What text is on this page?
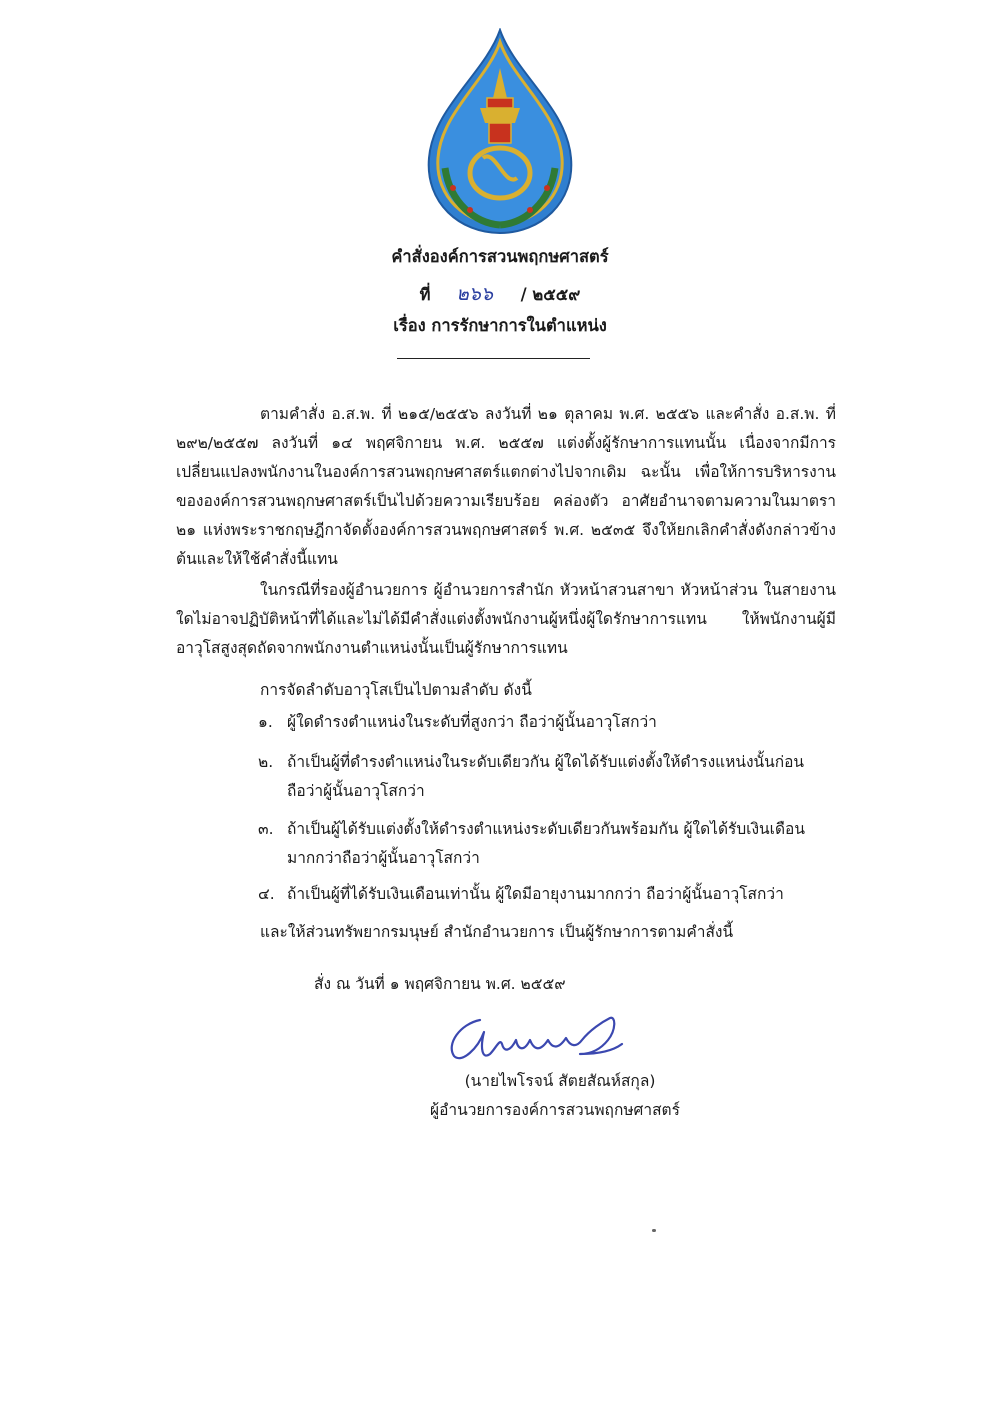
คำสั่งองค์การสวนพฤกษศาสตร์
ที่ ๒๖๖ / ๒๕๕๙
เรื่อง การรักษาการในตำแหน่ง

ตามคำสั่ง อ.ส.พ. ที่ ๒๑๕/๒๕๕๖ ลงวันที่ ๒๑ ตุลาคม พ.ศ. ๒๕๕๖ และคำสั่ง อ.ส.พ. ที่ ๒๙๒/๒๕๕๗ ลงวันที่ ๑๔ พฤศจิกายน พ.ศ. ๒๕๕๗ แต่งตั้งผู้รักษาการแทนนั้น เนื่องจากมีการเปลี่ยนแปลงพนักงานในองค์การสวนพฤกษศาสตร์แตกต่างไปจากเดิม ฉะนั้น เพื่อให้การบริหารงานขององค์การสวนพฤกษศาสตร์เป็นไปด้วยความเรียบร้อย คล่องตัว อาศัยอำนาจตามความในมาตรา ๒๑ แห่งพระราชกฤษฎีกาจัดตั้งองค์การสวนพฤกษศาสตร์ พ.ศ. ๒๕๓๕ จึงให้ยกเลิกคำสั่งดังกล่าวข้างต้นและให้ใช้คำสั่งนี้แทน

ในกรณีที่รองผู้อำนวยการ ผู้อำนวยการสำนัก หัวหน้าสวนสาขา หัวหน้าส่วน ในสายงานใดไม่อาจปฏิบัติหน้าที่ได้และไม่ได้มีคำสั่งแต่งตั้งพนักงานผู้หนึ่งผู้ใดรักษาการแทน ให้พนักงานผู้มีอาวุโสสูงสุดถัดจากพนักงานตำแหน่งนั้นเป็นผู้รักษาการแทน

การจัดลำดับอาวุโสเป็นไปตามลำดับ ดังนี้
๑. ผู้ใดดำรงตำแหน่งในระดับที่สูงกว่า ถือว่าผู้นั้นอาวุโสกว่า
๒. ถ้าเป็นผู้ที่ดำรงตำแหน่งในระดับเดียวกัน ผู้ใดได้รับแต่งตั้งให้ดำรงแหน่งนั้นก่อน ถือว่าผู้นั้นอาวุโสกว่า
๓. ถ้าเป็นผู้ได้รับแต่งตั้งให้ดำรงตำแหน่งระดับเดียวกันพร้อมกัน ผู้ใดได้รับเงินเดือนมากกว่าถือว่าผู้นั้นอาวุโสกว่า
๔. ถ้าเป็นผู้ที่ได้รับเงินเดือนเท่านั้น ผู้ใดมีอายุงานมากกว่า ถือว่าผู้นั้นอาวุโสกว่า
และให้ส่วนทรัพยากรมนุษย์ สำนักอำนวยการ เป็นผู้รักษาการตามคำสั่งนี้
สั่ง ณ วันที่ ๑ พฤศจิกายน พ.ศ. ๒๕๕๙
(นายไพโรจน์ สัตยสัณห์สกุล)
ผู้อำนวยการองค์การสวนพฤกษศาสตร์
